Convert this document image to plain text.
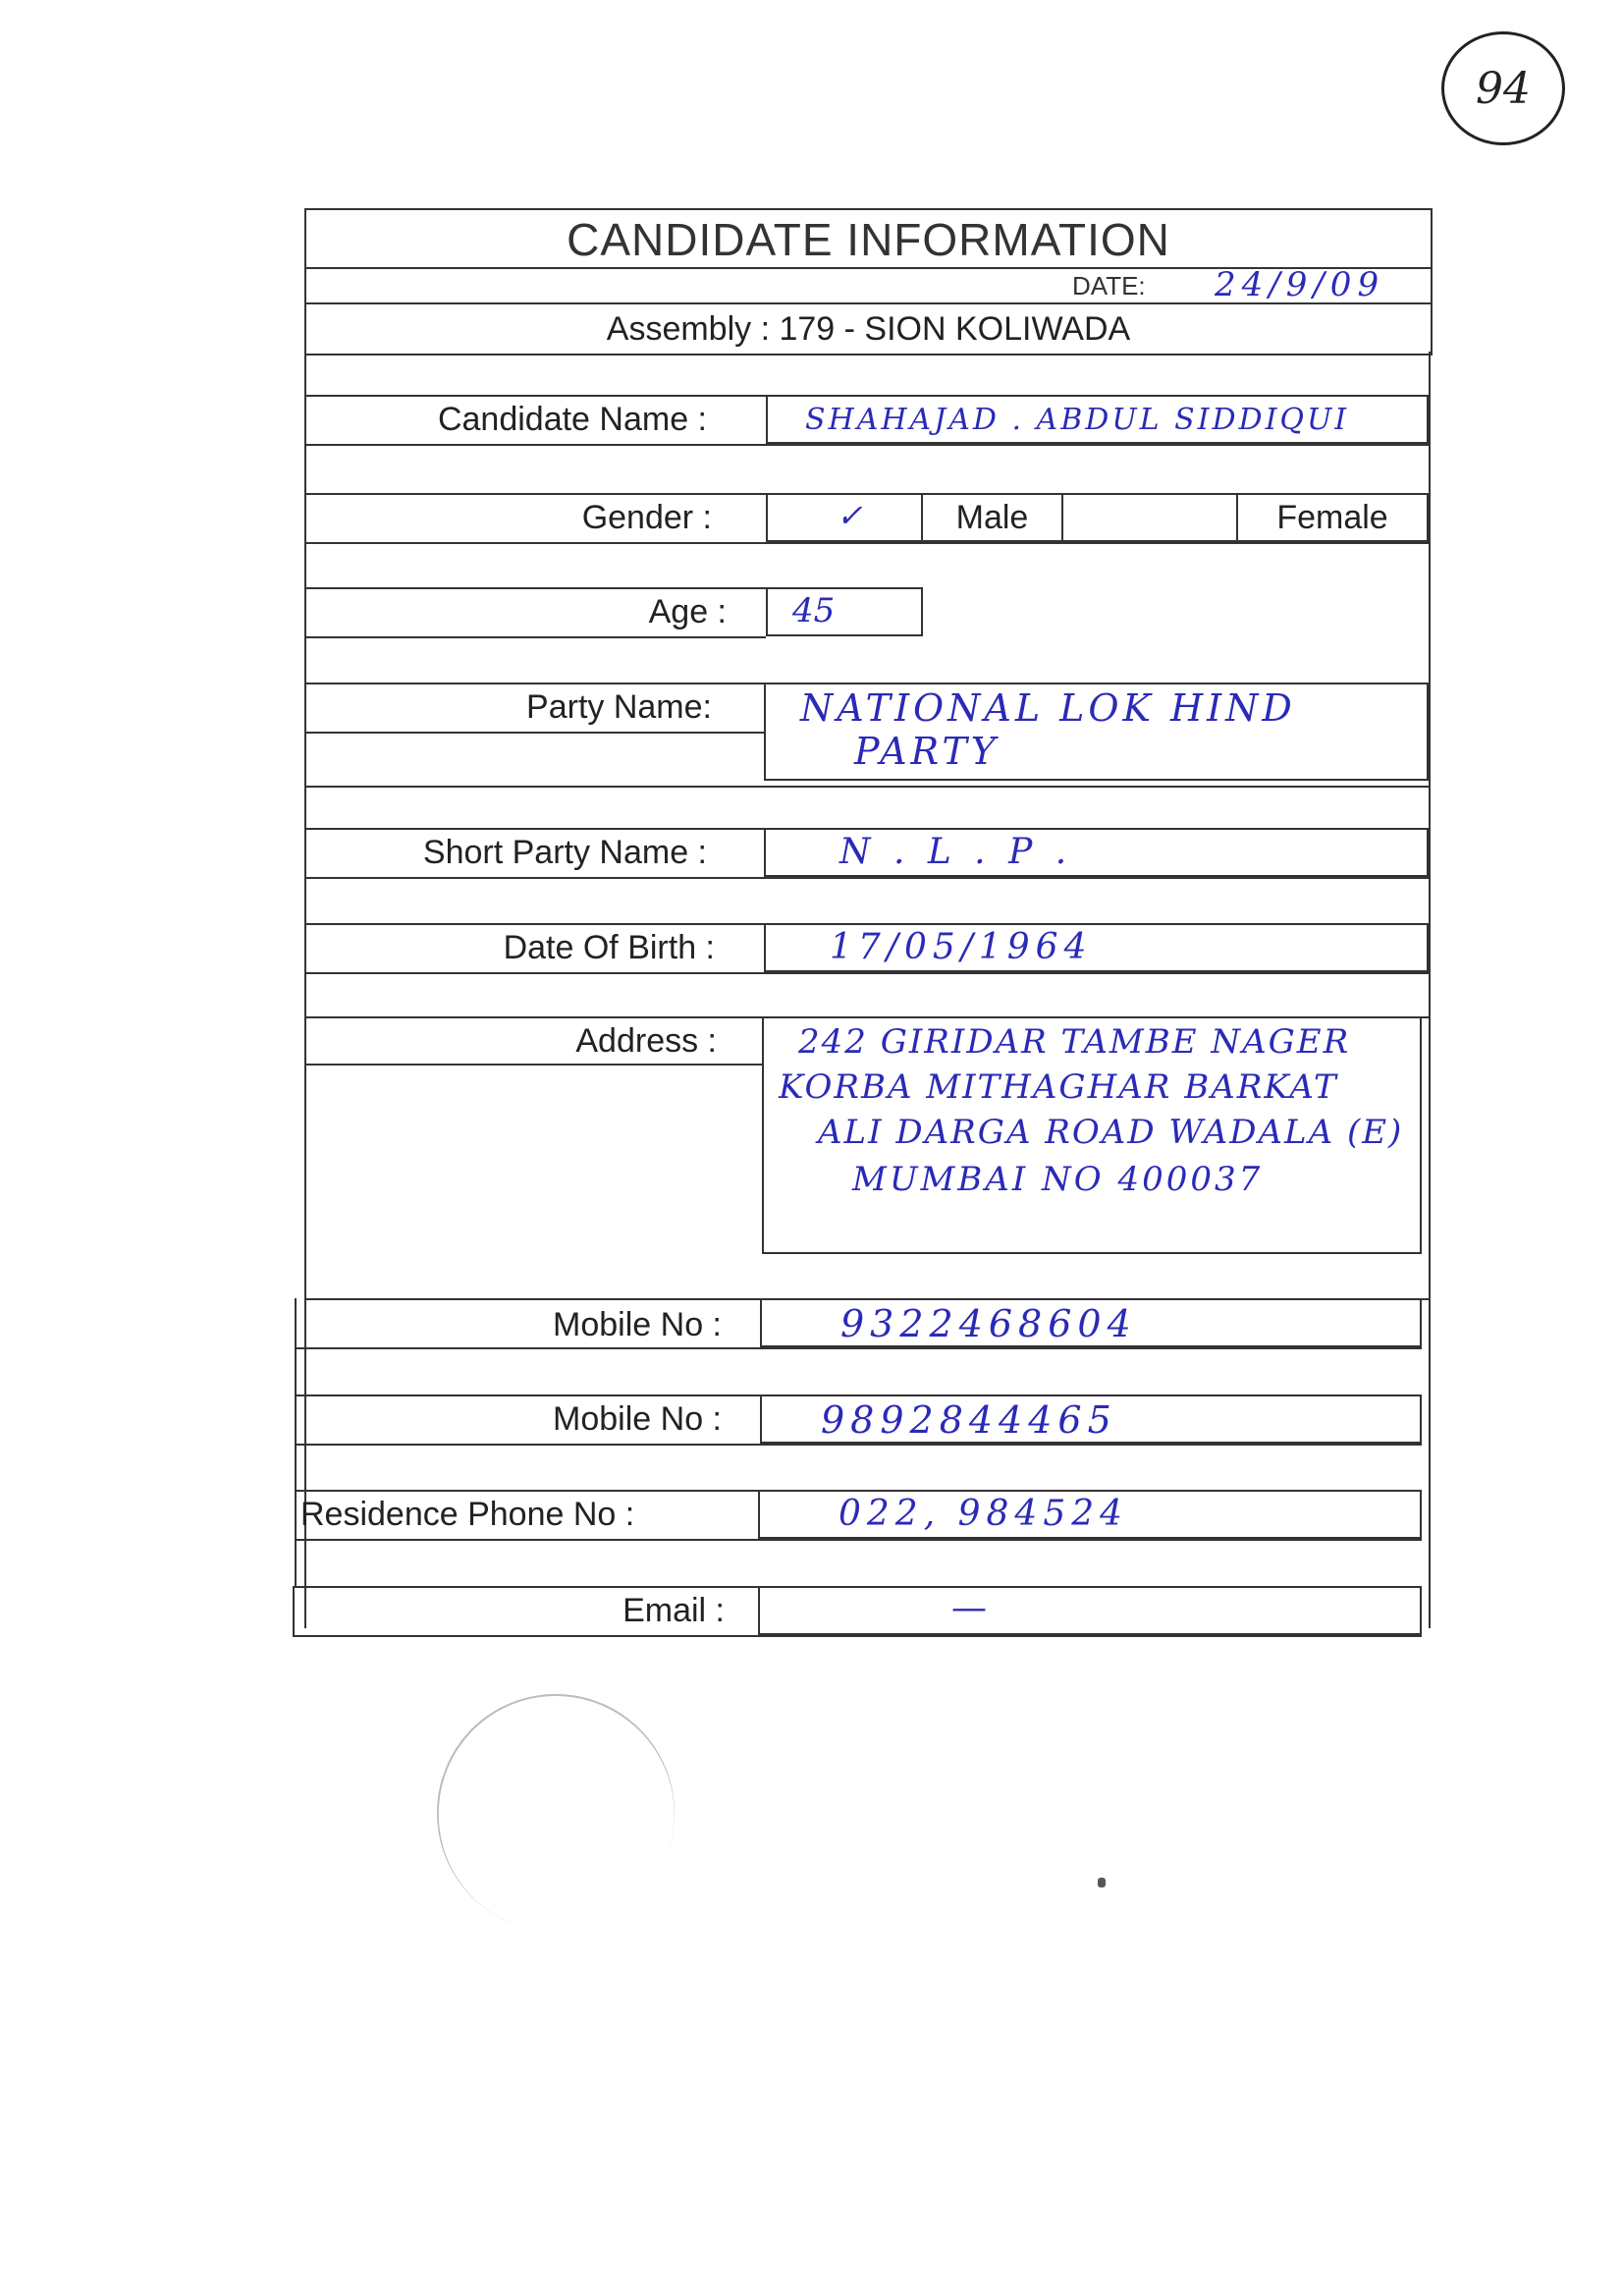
94
CANDIDATE INFORMATION
DATE: 24/9/09
Assembly : 179 - SION KOLIWADA
Candidate Name :	SHAHAJAD . ABDUL SIDDIQUI
Gender :	✓	Male	Female
Age : 45
Party Name: NATIONAL LOK HIND
PARTY
Short Party Name :	N . L . P .
Date Of Birth :	17/05/1964
Address : 242 GIRIDAR TAMBE NAGER
KORBA MITHAGHAR BARKAT
ALI DARGA ROAD WADALA (E)
MUMBAI NO 400037
Mobile No :	9322468604
Mobile No :	9892844465
Residence Phone No :	022, 984524
Email :	—
